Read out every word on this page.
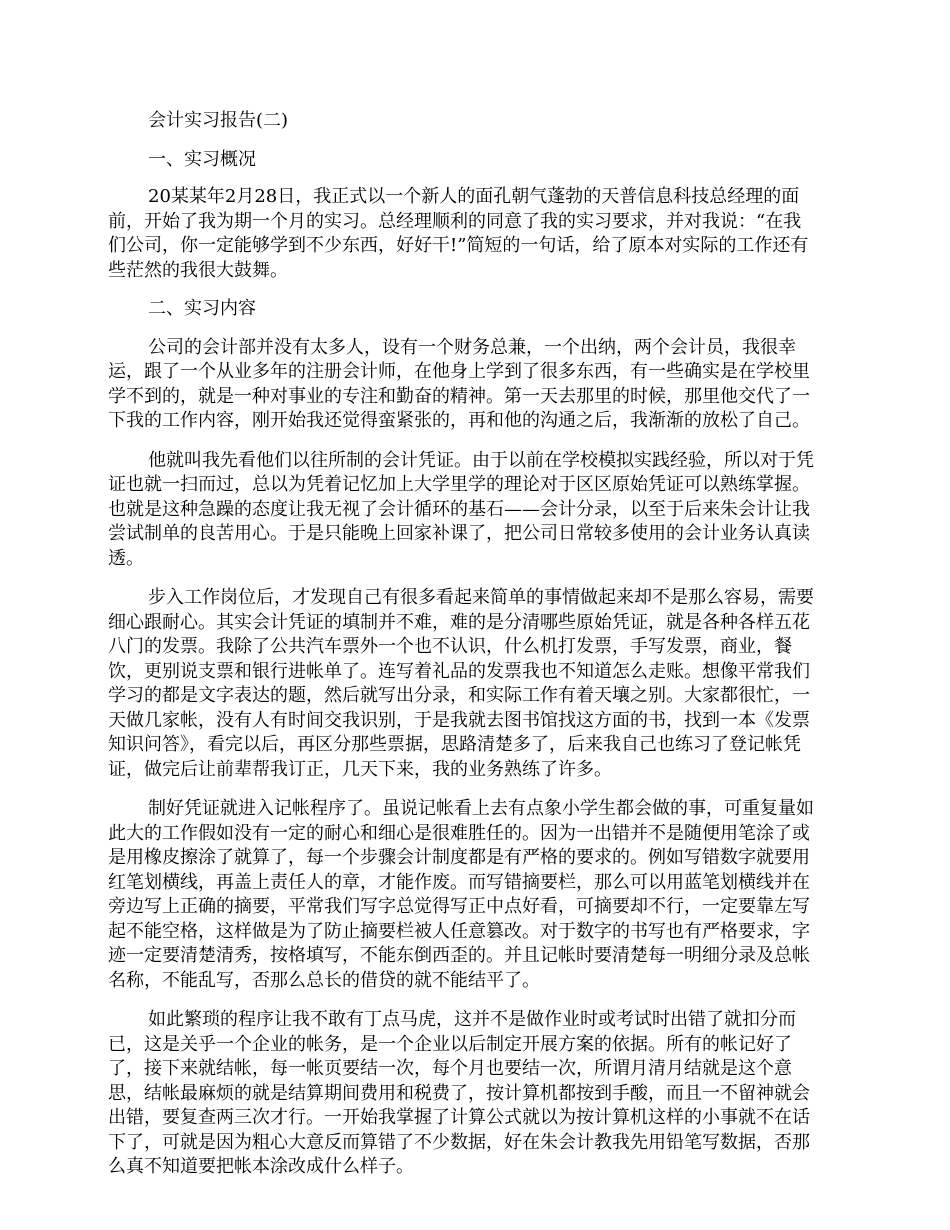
会计实习报告(二)

一、实习概况

20某某年2月28日，我正式以一个新人的面孔朝气蓬勃的天普信息科技总经理的面

前，开始了我为期一个月的实习。总经理顺利的同意了我的实习要求，并对我说：“在我

们公司，你一定能够学到不少东西，好好干!”简短的一句话，给了原本对实际的工作还有

些茫然的我很大鼓舞。

二、实习内容

公司的会计部并没有太多人，设有一个财务总兼，一个出纳，两个会计员，我很幸

运，跟了一个从业多年的注册会计师，在他身上学到了很多东西，有一些确实是在学校里

学不到的，就是一种对事业的专注和勤奋的精神。第一天去那里的时候，那里他交代了一

下我的工作内容，刚开始我还觉得蛮紧张的，再和他的沟通之后，我渐渐的放松了自己。

他就叫我先看他们以往所制的会计凭证。由于以前在学校模拟实践经验，所以对于凭

证也就一扫而过，总以为凭着记忆加上大学里学的理论对于区区原始凭证可以熟练掌握。

也就是这种急躁的态度让我无视了会计循环的基石——会计分录，以至于后来朱会计让我

尝试制单的良苦用心。于是只能晚上回家补课了，把公司日常较多使用的会计业务认真读

透。

步入工作岗位后，才发现自己有很多看起来简单的事情做起来却不是那么容易，需要

细心跟耐心。其实会计凭证的填制并不难，难的是分清哪些原始凭证，就是各种各样五花

八门的发票。我除了公共汽车票外一个也不认识，什么机打发票，手写发票，商业，餐

饮，更别说支票和银行进帐单了。连写着礼品的发票我也不知道怎么走账。想像平常我们

学习的都是文字表达的题，然后就写出分录，和实际工作有着天壤之别。大家都很忙，一

天做几家帐，没有人有时间交我识别，于是我就去图书馆找这方面的书，找到一本《发票

知识问答》，看完以后，再区分那些票据，思路清楚多了，后来我自己也练习了登记帐凭

证，做完后让前辈帮我订正，几天下来，我的业务熟练了许多。

制好凭证就进入记帐程序了。虽说记帐看上去有点象小学生都会做的事，可重复量如

此大的工作假如没有一定的耐心和细心是很难胜任的。因为一出错并不是随便用笔涂了或

是用橡皮擦涂了就算了，每一个步骤会计制度都是有严格的要求的。例如写错数字就要用

红笔划横线，再盖上责任人的章，才能作废。而写错摘要栏，那么可以用蓝笔划横线并在

旁边写上正确的摘要，平常我们写字总觉得写正中点好看，可摘要却不行，一定要靠左写

起不能空格，这样做是为了防止摘要栏被人任意篡改。对于数字的书写也有严格要求，字

迹一定要清楚清秀，按格填写，不能东倒西歪的。并且记帐时要清楚每一明细分录及总帐

名称，不能乱写，否那么总长的借贷的就不能结平了。

如此繁琐的程序让我不敢有丁点马虎，这并不是做作业时或考试时出错了就扣分而

已，这是关乎一个企业的帐务，是一个企业以后制定开展方案的依据。所有的帐记好了

了，接下来就结帐，每一帐页要结一次，每个月也要结一次，所谓月清月结就是这个意

思，结帐最麻烦的就是结算期间费用和税费了，按计算机都按到手酸，而且一不留神就会

出错，要复查两三次才行。一开始我掌握了计算公式就以为按计算机这样的小事就不在话

下了，可就是因为粗心大意反而算错了不少数据，好在朱会计教我先用铅笔写数据，否那

么真不知道要把帐本涂改成什么样子。
